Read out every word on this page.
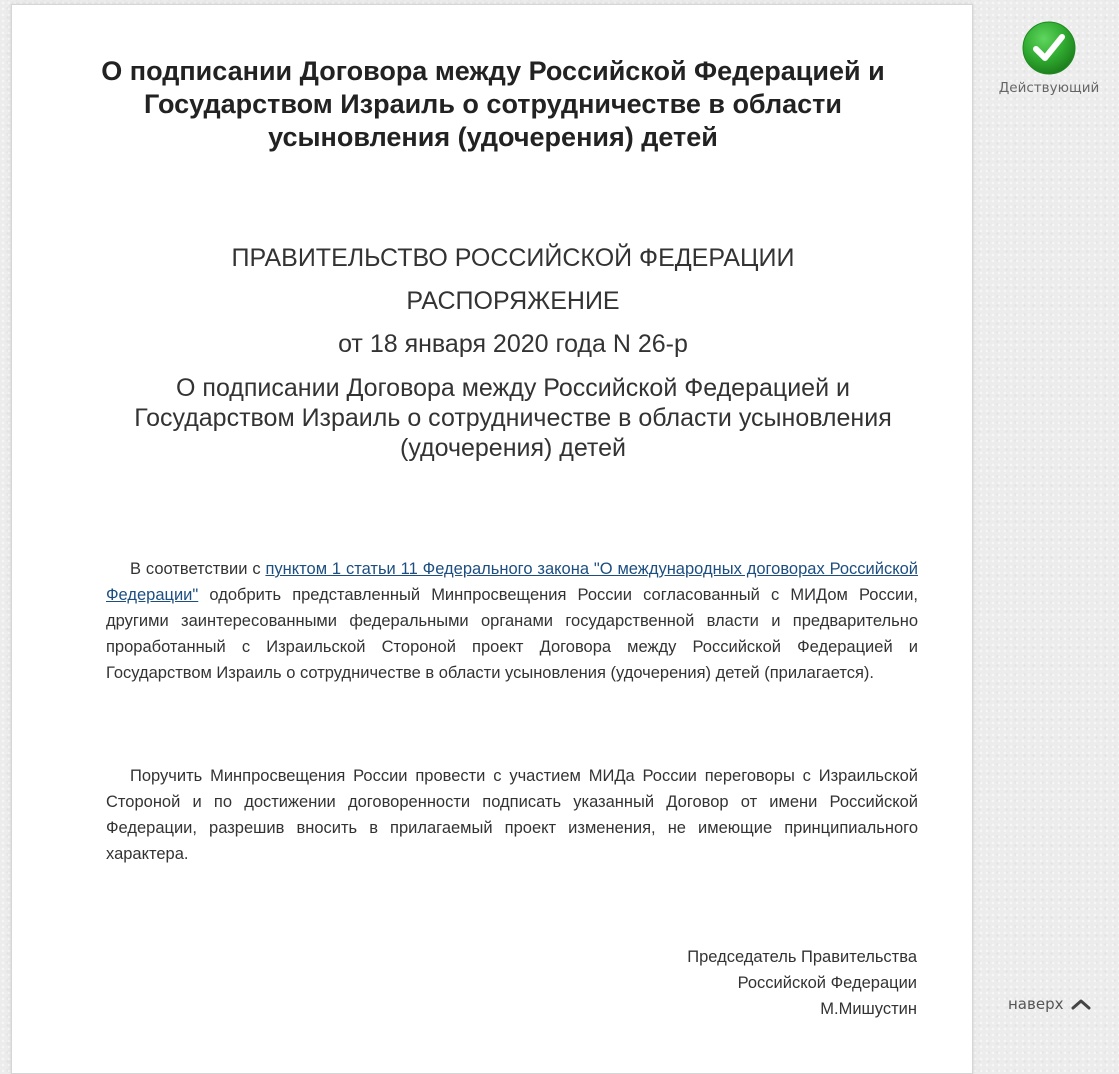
О подписании Договора между Российской Федерацией и Государством Израиль о сотрудничестве в области усыновления (удочерения) детей

ПРАВИТЕЛЬСТВО РОССИЙСКОЙ ФЕДЕРАЦИИ

РАСПОРЯЖЕНИЕ

от 18 января 2020 года N 26-р

О подписании Договора между Российской Федерацией и Государством Израиль о сотрудничестве в области усыновления (удочерения) детей

В соответствии с пунктом 1 статьи 11 Федерального закона "О международных договорах Российской Федерации" одобрить представленный Минпросвещения России согласованный с МИДом России, другими заинтересованными федеральными органами государственной власти и предварительно проработанный с Израильской Стороной проект Договора между Российской Федерацией и Государством Израиль о сотрудничестве в области усыновления (удочерения) детей (прилагается).

Поручить Минпросвещения России провести с участием МИДа России переговоры с Израильской Стороной и по достижении договоренности подписать указанный Договор от имени Российской Федерации, разрешив вносить в прилагаемый проект изменения, не имеющие принципиального характера.

Председатель Правительства
Российской Федерации
М.Мишустин
Действующий
наверх
